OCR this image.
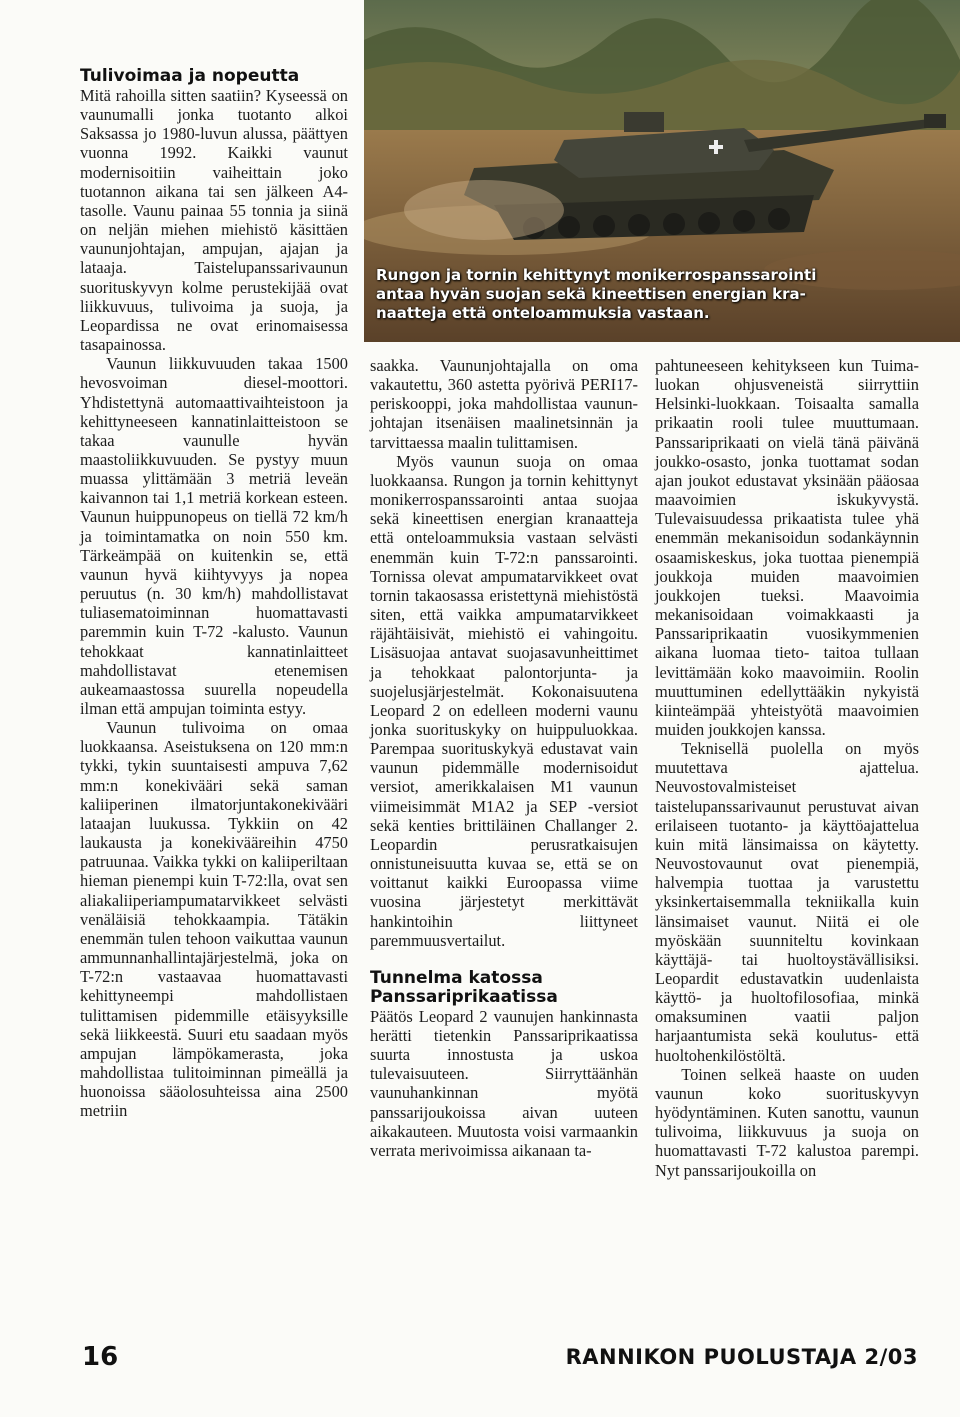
Rungon ja tornin kehittynyt monikerrospanssarointi
antaa hyvän suojan sekä kineettisen energian kra-
naatteja että onteloammuksia vastaan.
Tulivoimaa ja nopeutta

Mitä rahoilla sitten saatiin? Kyseessä on vaunumalli jonka tuotanto alkoi Saksassa jo 1980-luvun alussa, päättyen vuonna 1992. Kaikki vaunut modernisoitiin vaiheittain joko tuotannon aikana tai sen jälkeen A4-tasolle. Vaunu painaa 55 tonnia ja siinä on neljän miehen miehistö käsittäen vaununjohtajan, ampujan, ajajan ja lataaja. Taistelupanssarivaunun suorituskyvyn kolme perustekijää ovat liikkuvuus, tulivoima ja suoja, ja Leopardissa ne ovat erinomaisessa tasapainossa.

Vaunun liikkuvuuden takaa 1500 hevosvoiman diesel-moottori. Yhdistettynä automaattivaihteistoon ja kehittyneeseen kannatinlaitteistoon se takaa vaunulle hyvän maastoliikkuvuuden. Se pystyy muun muassa ylittämään 3 metriä leveän kaivannon tai 1,1 metriä korkean esteen. Vaunun huippunopeus on tiellä 72 km/h ja toimintamatka on noin 550 km. Tärkeämpää on kuitenkin se, että vaunun hyvä kiihtyvyys ja nopea peruutus (n. 30 km/h) mahdollistavat tuliasematoiminnan huomattavasti paremmin kuin T-72 -kalusto. Vaunun tehokkaat kannatinlaitteet mahdollistavat etenemisen aukeamaastossa suurella nopeudella ilman että ampujan toiminta estyy.

Vaunun tulivoima on omaa luokkaansa. Aseistuksena on 120 mm:n tykki, tykin suuntaisesti ampuva 7,62 mm:n konekivääri sekä saman kaliiperinen ilmatorjuntakonekivääri lataajan luukussa. Tykkiin on 42 laukausta ja konekivääreihin 4750 patruunaa. Vaikka tykki on kaliiperiltaan hieman pienempi kuin T-72:lla, ovat sen aliakaliiperiampumatarvikkeet selvästi venäläisiä tehokkaampia. Tätäkin enemmän tulen tehoon vaikuttaa vaunun ammunnanhallintajärjestelmä, joka on T-72:n vastaavaa huomattavasti kehittyneempi mahdollistaen tulittamisen pidemmille etäisyyksille sekä liikkeestä. Suuri etu saadaan myös ampujan lämpökamerasta, joka mahdollistaa tulitoiminnan pimeällä ja huonoissa sääolosuhteissa aina 2500 metriin

saakka. Vaununjohtajalla on oma vakautettu, 360 astetta pyörivä PERI17-periskooppi, joka mahdollistaa vaununjohtajan itsenäisen maalinetsinnän ja tarvittaessa maalin tulittamisen.

Myös vaunun suoja on omaa luokkaansa. Rungon ja tornin kehittynyt monikerrospanssarointi antaa suojaa sekä kineettisen energian kranaatteja että onteloammuksia vastaan selvästi enemmän kuin T-72:n panssarointi. Tornissa olevat ampumatarvikkeet ovat tornin takaosassa eristettynä miehistöstä siten, että vaikka ampumatarvikkeet räjähtäisivät, miehistö ei vahingoitu. Lisäsuojaa antavat suojasavunheittimet ja tehokkaat palontorjunta- ja suojelusjärjestelmät. Kokonaisuutena Leopard 2 on edelleen moderni vaunu jonka suorituskyky on huippuluokkaa. Parempaa suorituskykyä edustavat vain vaunun pidemmälle modernisoidut versiot, amerikkalaisen M1 vaunun viimeisimmät M1A2 ja SEP -versiot sekä kenties brittiläinen Challanger 2. Leopardin perusratkaisujen onnistuneisuutta kuvaa se, että se on voittanut kaikki Euroopassa viime vuosina järjestetyt merkittävät hankintoihin liittyneet paremmuusvertailut.

Tunnelma katossa
Panssariprikaatissa

Päätös Leopard 2 vaunujen hankinnasta herätti tietenkin Panssariprikaatissa suurta innostusta ja uskoa tulevaisuuteen. Siirryttäänhän vaunuhankinnan myötä panssarijoukoissa aivan uuteen aikakauteen. Muutosta voisi varmaankin verrata merivoimissa aikanaan ta-

pahtuneeseen kehitykseen kun Tuima-luokan ohjusveneistä siirryttiin Helsinki-luokkaan. Toisaalta samalla prikaatin rooli tulee muuttumaan. Panssariprikaati on vielä tänä päivänä joukko-osasto, jonka tuottamat sodan ajan joukot edustavat yksinään pääosaa maavoimien iskukyvystä. Tulevaisuudessa prikaatista tulee yhä enemmän mekanisoidun sodankäynnin osaamiskeskus, joka tuottaa pienempiä joukkoja muiden maavoimien joukkojen tueksi. Maavoimia mekanisoidaan voimakkaasti ja Panssariprikaatin vuosikymmenien aikana luomaa tieto- taitoa tullaan levittämään koko maavoimiin. Roolin muuttuminen edellyttääkin nykyistä kiinteämpää yhteistyötä maavoimien muiden joukkojen kanssa.

Teknisellä puolella on myös muutettava ajattelua. Neuvostovalmisteiset taistelupanssarivaunut perustuvat aivan erilaiseen tuotanto- ja käyttöajattelua kuin mitä länsimaissa on käytetty. Neuvostovaunut ovat pienempiä, halvempia tuottaa ja varustettu yksinkertaisemmalla tekniikalla kuin länsimaiset vaunut. Niitä ei ole myöskään suunniteltu kovinkaan käyttäjä- tai huoltoystävällisiksi. Leopardit edustavatkin uudenlaista käyttö- ja huoltofilosofiaa, minkä omaksuminen vaatii paljon harjaantumista sekä koulutus- että huoltohenkilöstöltä.

Toinen selkeä haaste on uuden vaunun koko suorituskyvyn hyödyntäminen. Kuten sanottu, vaunun tulivoima, liikkuvuus ja suoja on huomattavasti T-72 kalustoa parempi. Nyt panssarijoukoilla on

16	RANNIKON PUOLUSTAJA 2/03
